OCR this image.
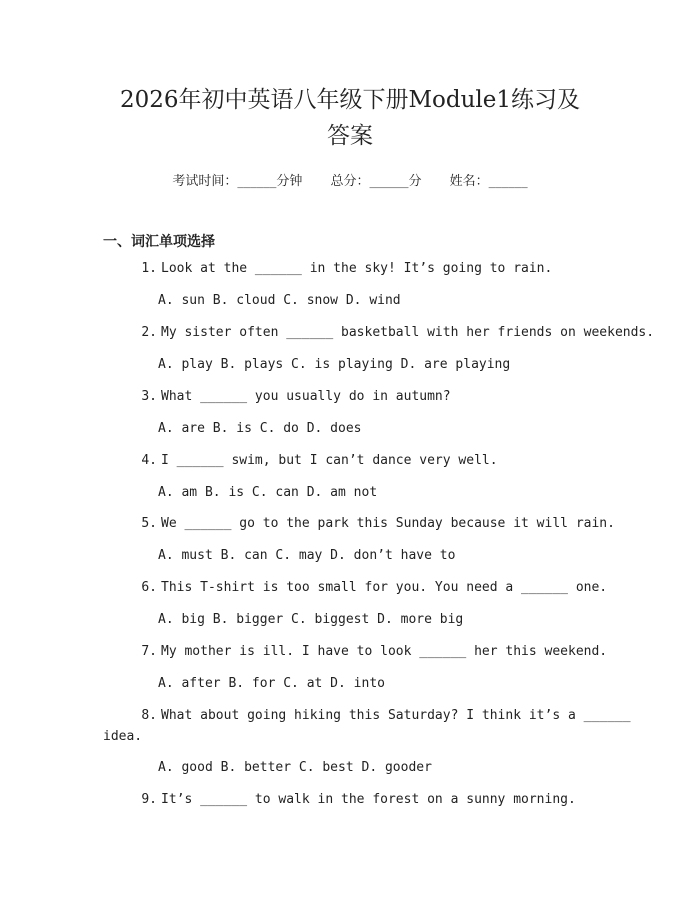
2026年初中英语八年级下册Module1练习及
答案
考试时间：______分钟 总分：______分 姓名：______
一、词汇单项选择
1. Look at the ______ in the sky! It’s going to rain.
A. sun B. cloud C. snow D. wind
2. My sister often ______ basketball with her friends on weekends.
A. play B. plays C. is playing D. are playing
3. What ______ you usually do in autumn?
A. are B. is C. do D. does
4. I ______ swim, but I can’t dance very well.
A. am B. is C. can D. am not
5. We ______ go to the park this Sunday because it will rain.
A. must B. can C. may D. don’t have to
6. This T-shirt is too small for you. You need a ______ one.
A. big B. bigger C. biggest D. more big
7. My mother is ill. I have to look ______ her this weekend.
A. after B. for C. at D. into
8. What about going hiking this Saturday? I think it’s a ______
idea.
A. good B. better C. best D. gooder
9. It’s ______ to walk in the forest on a sunny morning.
